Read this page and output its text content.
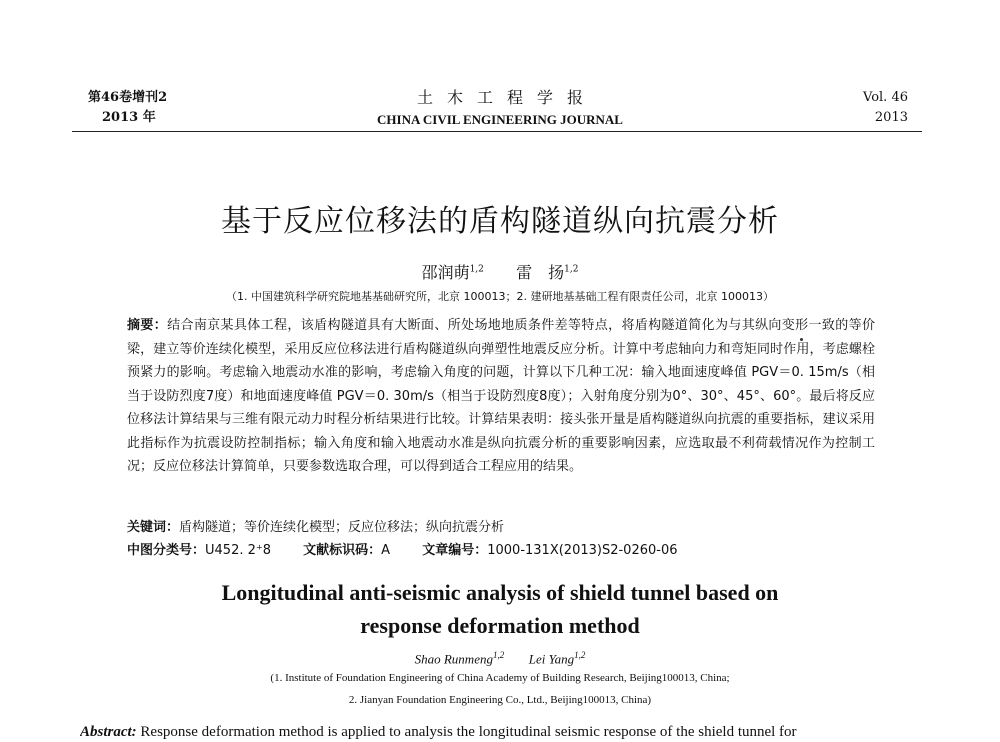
第46卷增刊2
2013 年
土木工程学报
CHINA CIVIL ENGINEERING JOURNAL
Vol. 46
2013
基于反应位移法的盾构隧道纵向抗震分析
邵润萌$^{1,2}$ 雷　扬$^{1,2}$
（1. 中国建筑科学研究院地基基础研究所，北京 100013；2. 建研地基基础工程有限责任公司，北京 100013）
摘要：结合南京某具体工程，该盾构隧道具有大断面、所处场地地质条件差等特点，将盾构隧道简化为与其纵向变形一致的等价梁，建立等价连续化模型，采用反应位移法进行盾构隧道纵向弹塑性地震反应分析。计算中考虑轴向力和弯矩同时作用，考虑螺栓预紧力的影响。考虑输入地震动水准的影响，考虑输入角度的问题，计算以下几种工况：输入地面速度峰值 PGV＝0. 15m/s（相当于设防烈度7度）和地面速度峰值 PGV＝0. 30m/s（相当于设防烈度8度）；入射角度分别为0°、30°、45°、60°。最后将反应位移法计算结果与三维有限元动力时程分析结果进行比较。计算结果表明：接头张开量是盾构隧道纵向抗震的重要指标，建议采用此指标作为抗震设防控制指标；输入角度和输入地震动水准是纵向抗震分析的重要影响因素，应选取最不利荷载情况作为控制工况；反应位移法计算简单，只要参数选取合理，可以得到适合工程应用的结果。
关键词：盾构隧道；等价连续化模型；反应位移法；纵向抗震分析
中图分类号：U452. 2⁺8 文献标识码：A 文章编号：1000-131X(2013)S2-0260-06
Longitudinal anti-seismic analysis of shield tunnel based on
response deformation method
Shao Runmeng$^{1,2}$ Lei Yang$^{1,2}$
(1. Institute of Foundation Engineering of China Academy of Building Research, Beijing100013, China;
2. Jianyan Foundation Engineering Co., Ltd., Beijing100013, China)
Abstract: Response deformation method is applied to analysis the longitudinal seismic response of the shield tunnel for
